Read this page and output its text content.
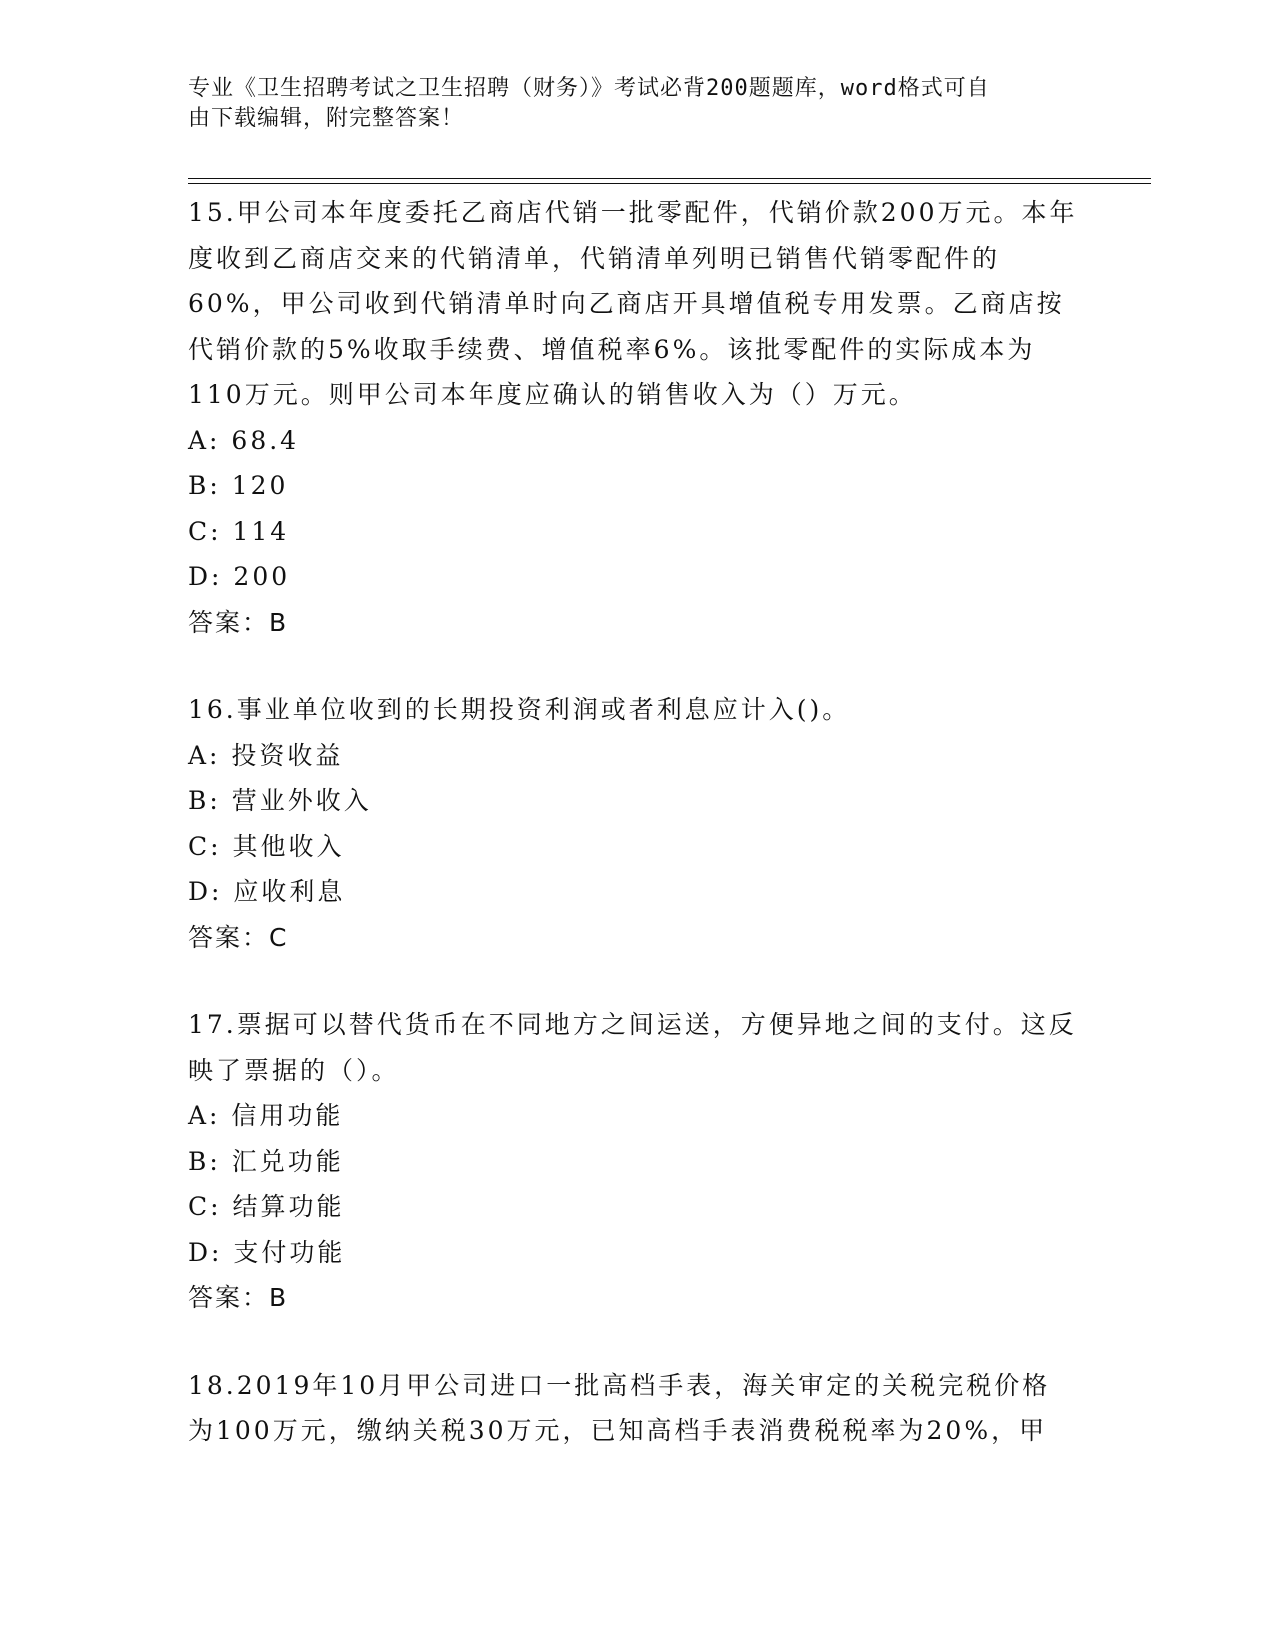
专业《卫生招聘考试之卫生招聘（财务）》考试必背200题题库，word格式可自
由下载编辑，附完整答案！

15.甲公司本年度委托乙商店代销一批零配件，代销价款200万元。本年度收到乙商店交来的代销清单，代销清单列明已销售代销零配件的60%，甲公司收到代销清单时向乙商店开具增值税专用发票。乙商店按代销价款的5%收取手续费、增值税率6%。该批零配件的实际成本为110万元。则甲公司本年度应确认的销售收入为（）万元。

A: 68.4

B: 120

C: 114

D: 200

答案：B

16.事业单位收到的长期投资利润或者利息应计入()。

A: 投资收益

B: 营业外收入

C: 其他收入

D: 应收利息

答案：C

17.票据可以替代货币在不同地方之间运送，方便异地之间的支付。这反映了票据的（）。

A: 信用功能

B: 汇兑功能

C: 结算功能

D: 支付功能

答案：B

18.2019年10月甲公司进口一批高档手表，海关审定的关税完税价格为100万元，缴纳关税30万元，已知高档手表消费税税率为20%，甲
